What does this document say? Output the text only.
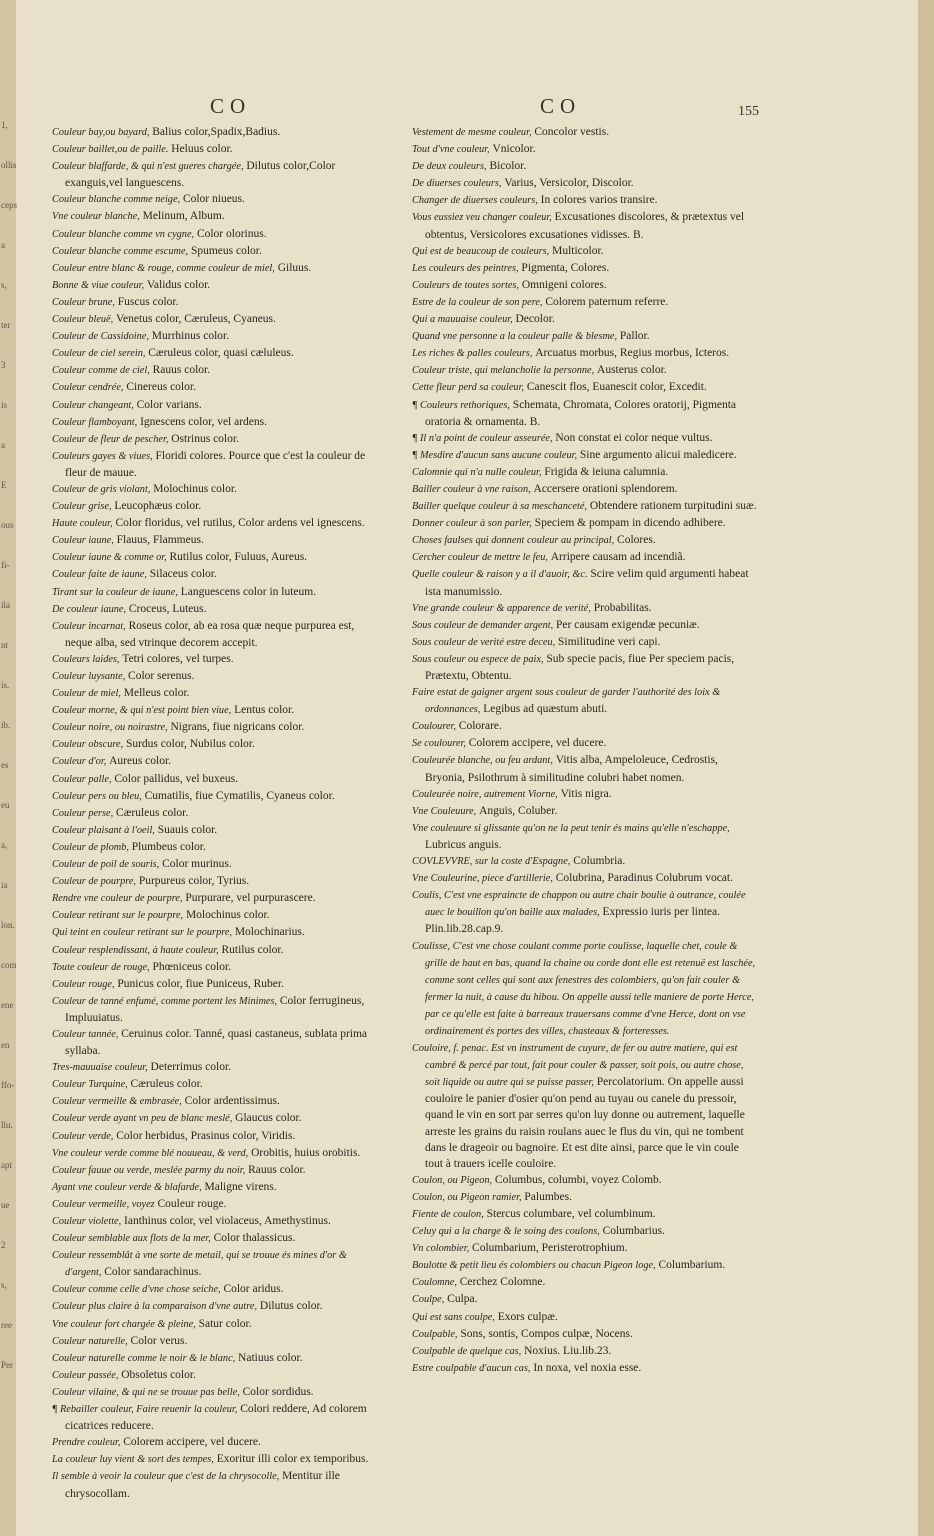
1,
ollis
ceps
a
s,
ter
3
is
a
E
ous
fi-
ila
nt
is.
ib.
es
eu
a,
ia
lon.
com
ene
en
ffo-
llu.
apt
ue
2
s,
ree
Per
CO	CO	155

Couleur bay,ou bayard, Balius color,Spadix,Badius.

Couleur baillet,ou de paille. Heluus color.

Couleur blaffarde, & qui n'est gueres chargée, Dilutus color,Color exanguis,vel languescens.

Couleur blanche comme neige, Color niueus.

Vne couleur blanche, Melinum, Album.

Couleur blanche comme vn cygne, Color olorinus.

Couleur blanche comme escume, Spumeus color.

Couleur entre blanc & rouge, comme couleur de miel, Giluus.

Bonne & viue couleur, Validus color.

Couleur brune, Fuscus color.

Couleur bleuë, Venetus color, Cæruleus, Cyaneus.

Couleur de Cassidoine, Murrhinus color.

Couleur de ciel serein, Cæruleus color, quasi cæluleus.

Couleur comme de ciel, Rauus color.

Couleur cendrée, Cinereus color.

Couleur changeant, Color varians.

Couleur flamboyant, Ignescens color, vel ardens.

Couleur de fleur de pescher, Ostrinus color.

Couleurs gayes & viues, Floridi colores. Pource que c'est la couleur de fleur de mauue.

Couleur de gris violant, Molochinus color.

Couleur grise, Leucophæus color.

Haute couleur, Color floridus, vel rutilus, Color ardens vel ignescens.

Couleur iaune, Flauus, Flammeus.

Couleur iaune & comme or, Rutilus color, Fuluus, Aureus.

Couleur faite de iaune, Silaceus color.

Tirant sur la couleur de iaune, Languescens color in luteum.

De couleur iaune, Croceus, Luteus.

Couleur incarnat, Roseus color, ab ea rosa quæ neque purpurea est, neque alba, sed vtrinque decorem accepit.

Couleurs laides, Tetri colores, vel turpes.

Couleur luysante, Color serenus.

Couleur de miel, Melleus color.

Couleur morne, & qui n'est point bien viue, Lentus color.

Couleur noire, ou noirastre, Nigrans, fiue nigricans color.

Couleur obscure, Surdus color, Nubilus color.

Couleur d'or, Aureus color.

Couleur palle, Color pallidus, vel buxeus.

Couleur pers ou bleu, Cumatilis, fiue Cymatilis, Cyaneus color.

Couleur perse, Cæruleus color.

Couleur plaisant à l'oeil, Suauis color.

Couleur de plomb, Plumbeus color.

Couleur de poil de souris, Color murinus.

Couleur de pourpre, Purpureus color, Tyrius.

Rendre vne couleur de pourpre, Purpurare, vel purpurascere.

Couleur retirant sur le pourpre, Molochinus color.

Qui teint en couleur retirant sur le pourpre, Molochinarius.

Couleur resplendissant, à haute couleur, Rutilus color.

Toute couleur de rouge, Phœniceus color.

Couleur rouge, Punicus color, fiue Puniceus, Ruber.

Couleur de tanné enfumé, comme portent les Minimes, Color ferrugineus, Impluuiatus.

Couleur tannée, Ceruinus color. Tanné, quasi castaneus, sublata prima syllaba.

Tres-mauuaise couleur, Deterrimus color.

Couleur Turquine, Cæruleus color.

Couleur vermeille & embrasée, Color ardentissimus.

Couleur verde ayant vn peu de blanc meslé, Glaucus color.

Couleur verde, Color herbidus, Prasinus color, Viridis.

Vne couleur verde comme blé nouueau, & verd, Orobitis, huius orobitis.

Couleur fauue ou verde, meslée parmy du noir, Rauus color.

Ayant vne couleur verde & blafarde, Maligne virens.

Couleur vermeille, voyez Couleur rouge.

Couleur violette, Ianthinus color, vel violaceus, Amethystinus.

Couleur semblable aux flots de la mer, Color thalassicus.

Couleur ressemblât à vne sorte de metail, qui se trouue és mines d'or & d'argent, Color sandarachinus.

Couleur comme celle d'vne chose seiche, Color aridus.

Couleur plus claire à la comparaison d'vne autre, Dilutus color.

Vne couleur fort chargée & pleine, Satur color.

Couleur naturelle, Color verus.

Couleur naturelle comme le noir & le blanc, Natiuus color.

Couleur passée, Obsoletus color.

Couleur vilaine, & qui ne se trouue pas belle, Color sordidus.

¶ Rebailler couleur, Faire reuenir la couleur, Colori reddere, Ad colorem cicatrices reducere.

Prendre couleur, Colorem accipere, vel ducere.

La couleur luy vient & sort des tempes, Exoritur illi color ex temporibus.

Il semble à veoir la couleur que c'est de la chrysocolle, Mentitur ille chrysocollam.

Vestement de mesme couleur, Concolor vestis.

Tout d'vne couleur, Vnicolor.

De deux couleurs, Bicolor.

De diuerses couleurs, Varius, Versicolor, Discolor.

Changer de diuerses couleurs, In colores varios transire.

Vous eussiez veu changer couleur, Excusationes discolores, & prætextus vel obtentus, Versicolores excusationes vidisses. B.

Qui est de beaucoup de couleurs, Multicolor.

Les couleurs des peintres, Pigmenta, Colores.

Couleurs de toutes sortes, Omnigeni colores.

Estre de la couleur de son pere, Colorem paternum referre.

Qui a mauuaise couleur, Decolor.

Quand vne personne a la couleur palle & blesme, Pallor.

Les riches & palles couleurs, Arcuatus morbus, Regius morbus, Icteros.

Couleur triste, qui melancholie la personne, Austerus color.

Cette fleur perd sa couleur, Canescit flos, Euanescit color, Excedit.

¶ Couleurs rethoriques, Schemata, Chromata, Colores oratorij, Pigmenta oratoria & ornamenta. B.

¶ Il n'a point de couleur asseurée, Non constat ei color neque vultus.

¶ Mesdire d'aucun sans aucune couleur, Sine argumento alicui maledicere.

Calomnie qui n'a nulle couleur, Frigida & ieiuna calumnia.

Bailler couleur à vne raison, Accersere orationi splendorem.

Bailler quelque couleur à sa meschanceté, Obtendere rationem turpitudini suæ.

Donner couleur à son parler, Speciem & pompam in dicendo adhibere.

Choses faulses qui donnent couleur au principal, Colores.

Cercher couleur de mettre le feu, Arripere causam ad incendiã.

Quelle couleur & raison y a il d'auoir, &c. Scire velim quid argumenti habeat ista manumissio.

Vne grande couleur & apparence de verité, Probabilitas.

Sous couleur de demander argent, Per causam exigendæ pecuniæ.

Sous couleur de verité estre deceu, Similitudine veri capi.

Sous couleur ou espece de paix, Sub specie pacis, fiue Per speciem pacis, Prætextu, Obtentu.

Faire estat de gaigner argent sous couleur de garder l'authorité des loix & ordonnances, Legibus ad quæstum abuti.

Coulourer, Colorare.

Se coulourer, Colorem accipere, vel ducere.

Couleurée blanche, ou feu ardant, Vitis alba, Ampeloleuce, Cedrostis, Bryonia, Psilothrum à similitudine colubri habet nomen.

Couleurée noire, autrement Viorne, Vitis nigra.

Vne Couleuure, Anguis, Coluber.

Vne couleuure si glissante qu'on ne la peut tenir és mains qu'elle n'eschappe, Lubricus anguis.

COVLEVVRE, sur la coste d'Espagne, Columbria.

Vne Couleurine, piece d'artillerie, Colubrina, Paradinus Colubrum vocat.

Coulis, C'est vne espraincte de chappon ou autre chair boulie à outrance, coulée auec le bouillon qu'on baille aux malades, Expressio iuris per lintea. Plin.lib.28.cap.9.

Coulisse, C'est vne chose coulant comme porte coulisse, laquelle chet, coule & grille de haut en bas, quand la chaine ou corde dont elle est retenuë est laschée, comme sont celles qui sont aux fenestres des colombiers, qu'on fait couler & fermer la nuit, à cause du hibou. On appelle aussi telle maniere de porte Herce, par ce qu'elle est faite à barreaux trauersans comme d'vne Herce, dont on vse ordinairement és portes des villes, chasteaux & forteresses.

Couloire, f. penac. Est vn instrument de cuyure, de fer ou autre matiere, qui est cambré & percé par tout, fait pour couler & passer, soit pois, ou autre chose, soit liquide ou autre qui se puisse passer, Percolatorium. On appelle aussi couloire le panier d'osier qu'on pend au tuyau ou canele du pressoir, quand le vin en sort par serres qu'on luy donne ou autrement, laquelle arreste les grains du raisin roulans auec le flus du vin, qui ne tombent dans le drageoir ou bagnoire. Et est dite ainsi, parce que le vin coule tout à trauers icelle couloire.

Coulon, ou Pigeon, Columbus, columbi, voyez Colomb.

Coulon, ou Pigeon ramier, Palumbes.

Fiente de coulon, Stercus columbare, vel columbinum.

Celuy qui a la charge & le soing des coulons, Columbarius.

Vn colombier, Columbarium, Peristerotrophium.

Boulotte & petit lieu és colombiers ou chacun Pigeon loge, Columbarium.

Coulomne, Cerchez Colomne.

Coulpe, Culpa.

Qui est sans coulpe, Exors culpæ.

Coulpable, Sons, sontis, Compos culpæ, Nocens.

Coulpable de quelque cas, Noxius. Liu.lib.23.

Estre coulpable d'aucun cas, In noxa, vel noxia esse.
